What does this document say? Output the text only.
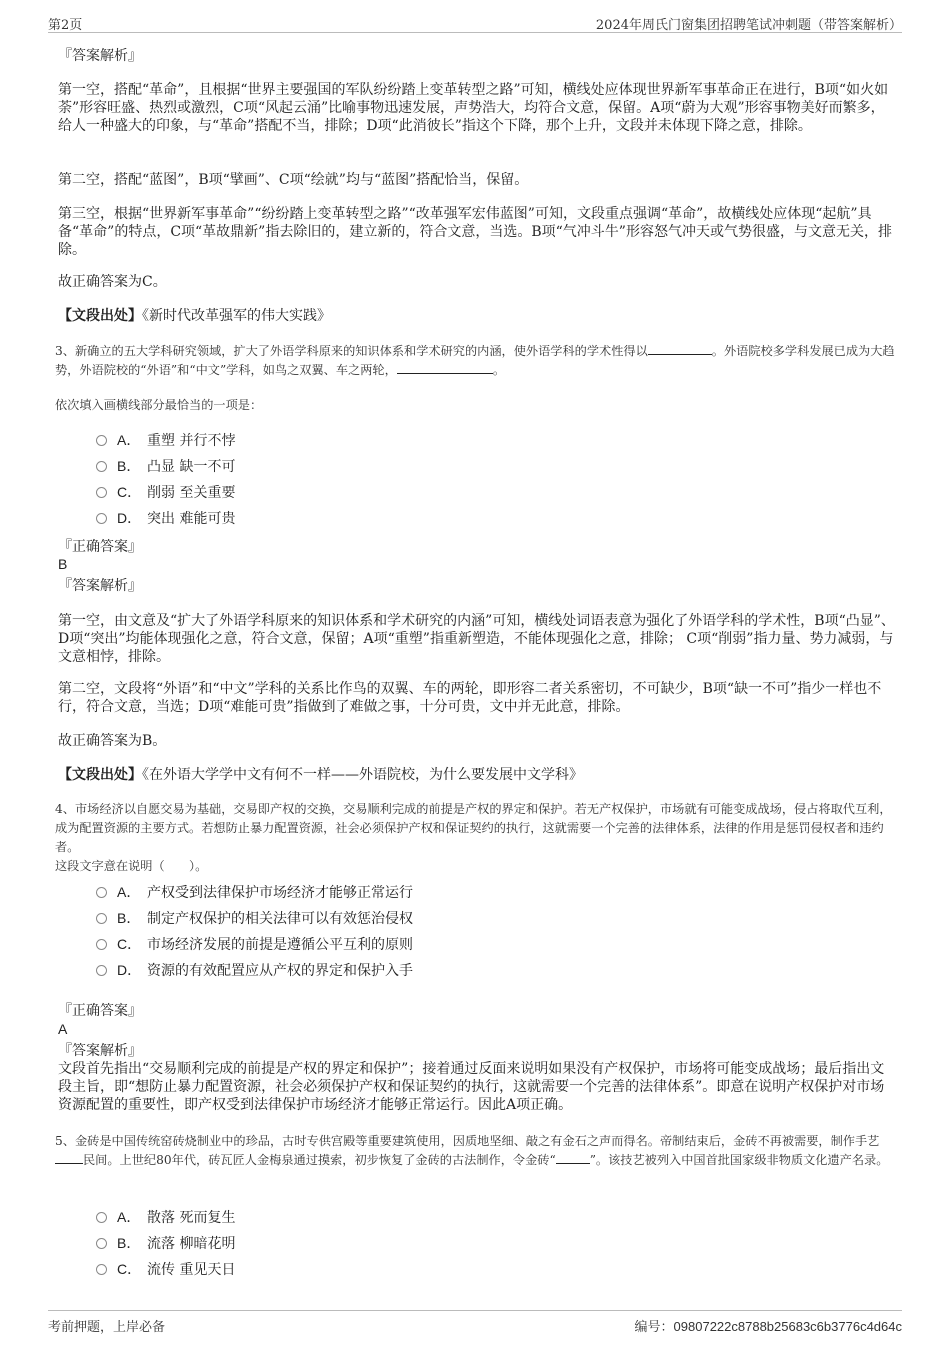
第2页	2024年周氏门窗集团招聘笔试冲刺题（带答案解析）
『答案解析』
第一空，搭配“革命”，且根据“世界主要强国的军队纷纷踏上变革转型之路”可知，横线处应体现世界新军事革命正在进行，B项“如火如荼”形容旺盛、热烈或激烈，C项“风起云涌”比喻事物迅速发展，声势浩大，均符合文意，保留。A项“蔚为大观”形容事物美好而繁多，给人一种盛大的印象，与“革命”搭配不当，排除；D项“此消彼长”指这个下降，那个上升，文段并未体现下降之意，排除。
第二空，搭配“蓝图”，B项“擘画”、C项“绘就”均与“蓝图”搭配恰当，保留。
第三空，根据“世界新军事革命”“纷纷踏上变革转型之路”“改革强军宏伟蓝图”可知，文段重点强调“革命”，故横线处应体现“起航”具备“革命”的特点，C项“革故鼎新”指去除旧的，建立新的，符合文意，当选。B项“气冲斗牛”形容怒气冲天或气势很盛，与文意无关，排除。
故正确答案为C。
【文段出处】《新时代改革强军的伟大实践》
3、新确立的五大学科研究领域，扩大了外语学科原来的知识体系和学术研究的内涵，使外语学科的学术性得以	。外语院校多学科发展已成为大趋势，外语院校的“外语”和“中文”学科，如鸟之双翼、车之两轮，	。
依次填入画横线部分最恰当的一项是：
A． 重塑 并行不悖
B． 凸显 缺一不可
C． 削弱 至关重要
D． 突出 难能可贵
『正确答案』
B
『答案解析』
第一空，由文意及“扩大了外语学科原来的知识体系和学术研究的内涵”可知，横线处词语表意为强化了外语学科的学术性，B项“凸显”、D项“突出”均能体现强化之意，符合文意，保留；A项“重塑”指重新塑造，不能体现强化之意，排除； C项“削弱”指力量、势力减弱，与文意相悖，排除。
第二空，文段将“外语”和“中文”学科的关系比作鸟的双翼、车的两轮，即形容二者关系密切，不可缺少，B项“缺一不可”指少一样也不行，符合文意，当选；D项“难能可贵”指做到了难做之事，十分可贵，文中并无此意，排除。
故正确答案为B。
【文段出处】《在外语大学学中文有何不一样——外语院校，为什么要发展中文学科》
4、市场经济以自愿交易为基础，交易即产权的交换，交易顺利完成的前提是产权的界定和保护。若无产权保护，市场就有可能变成战场，侵占将取代互利，成为配置资源的主要方式。若想防止暴力配置资源，社会必须保护产权和保证契约的执行，这就需要一个完善的法律体系，法律的作用是惩罚侵权者和违约者。
这段文字意在说明（　　）。
A． 产权受到法律保护市场经济才能够正常运行
B． 制定产权保护的相关法律可以有效惩治侵权
C． 市场经济发展的前提是遵循公平互利的原则
D． 资源的有效配置应从产权的界定和保护入手
『正确答案』
A
『答案解析』
文段首先指出“交易顺利完成的前提是产权的界定和保护”；接着通过反面来说明如果没有产权保护，市场将可能变成战场；最后指出文段主旨，即“想防止暴力配置资源，社会必须保护产权和保证契约的执行，这就需要一个完善的法律体系”。即意在说明产权保护对市场资源配置的重要性，即产权受到法律保护市场经济才能够正常运行。因此A项正确。
5、金砖是中国传统窑砖烧制业中的珍品，古时专供宫殿等重要建筑使用，因质地坚细、敲之有金石之声而得名。帝制结束后，金砖不再被需要，制作手艺民间。上世纪80年代，砖瓦匠人金梅泉通过摸索，初步恢复了金砖的古法制作，令金砖“	”。该技艺被列入中国首批国家级非物质文化遗产名录。
A． 散落 死而复生
B． 流落 柳暗花明
C． 流传 重见天日
考前押题，上岸必备	编号：09807222c8788b25683c6b3776c4d64c
